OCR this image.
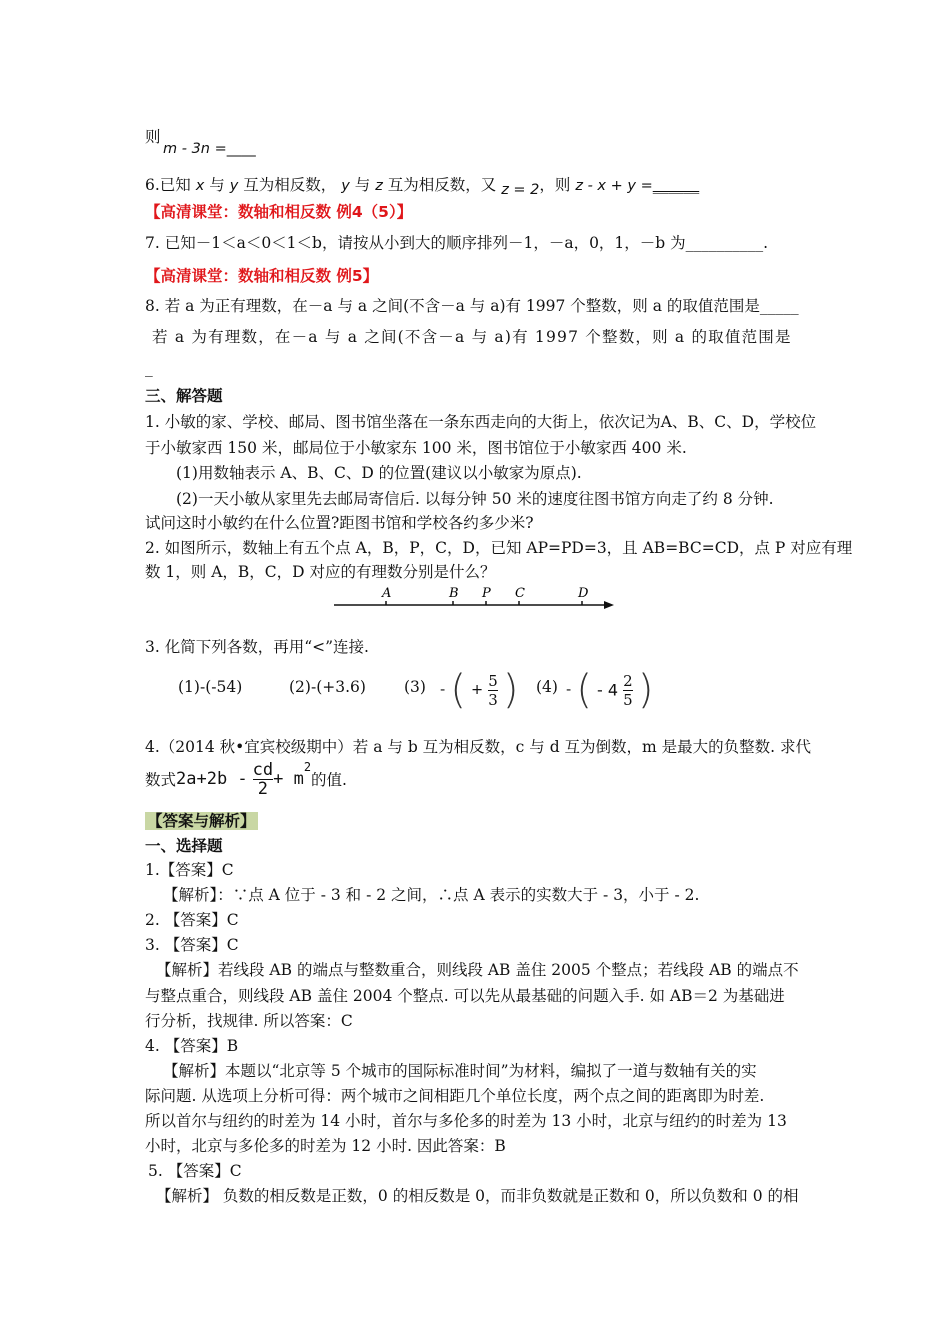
则
m - 3n =____
6.已知 x 与 y 互为相反数， y 与 z 互为相反数，又 z = 2，则 z - x + y =______
【高清课堂：数轴和相反数 例4（5）】
7. 已知－1＜a＜0＜1＜b，请按从小到大的顺序排列－1，－a，0，1，－b 为__________.
【高清课堂：数轴和相反数 例5】
8. 若 a 为正有理数，在－a 与 a 之间(不含－a 与 a)有 1997 个整数，则 a 的取值范围是_____
若 a 为有理数，在－a 与 a 之间(不含－a 与 a)有 1997 个整数，则 a 的取值范围是
_
三、解答题
1. 小敏的家、学校、邮局、图书馆坐落在一条东西走向的大街上，依次记为A、B、C、D，学校位
于小敏家西 150 米，邮局位于小敏家东 100 米，图书馆位于小敏家西 400 米.
(1)用数轴表示 A、B、C、D 的位置(建议以小敏家为原点).
(2)一天小敏从家里先去邮局寄信后. 以每分钟 50 米的速度往图书馆方向走了约 8 分钟.
试问这时小敏约在什么位置?距图书馆和学校各约多少米?
2. 如图所示，数轴上有五个点 A，B，P，C，D，已知 AP=PD=3，且 AB=BC=CD，点 P 对应有理
数 1，则 A，B，C，D 对应的有理数分别是什么？
A	B P C	D
3. 化简下列各数，再用“<”连接.
(1)-(-54)	(2)-(+3.6) (3) - ( + $\frac{5}{3}$ ) (4) - ( - $4 \frac{2}{5}$ )
4.（2014 秋•宜宾校级期中）若 a 与 b 互为相反数，c 与 d 互为倒数，m 是最大的负整数. 求代
数式$2a+2b - \frac{cd}{2} + m^2$的值.
【答案与解析】
一、选择题
1.【答案】C
【解析】：∵点 A 位于 - 3 和 - 2 之间，∴点 A 表示的实数大于 - 3，小于 - 2.
2. 【答案】C
3. 【答案】C
【解析】若线段 AB 的端点与整数重合，则线段 AB 盖住 2005 个整点；若线段 AB 的端点不
与整点重合，则线段 AB 盖住 2004 个整点. 可以先从最基础的问题入手. 如 AB＝2 为基础进
行分析，找规律. 所以答案：C
4. 【答案】B
【解析】本题以“北京等 5 个城市的国际标准时间”为材料，编拟了一道与数轴有关的实
际问题. 从选项上分析可得：两个城市之间相距几个单位长度，两个点之间的距离即为时差.
所以首尔与纽约的时差为 14 小时，首尔与多伦多的时差为 13 小时，北京与纽约的时差为 13
小时，北京与多伦多的时差为 12 小时. 因此答案：B
5. 【答案】C
【解析】 负数的相反数是正数，0 的相反数是 0，而非负数就是正数和 0，所以负数和 0 的相
